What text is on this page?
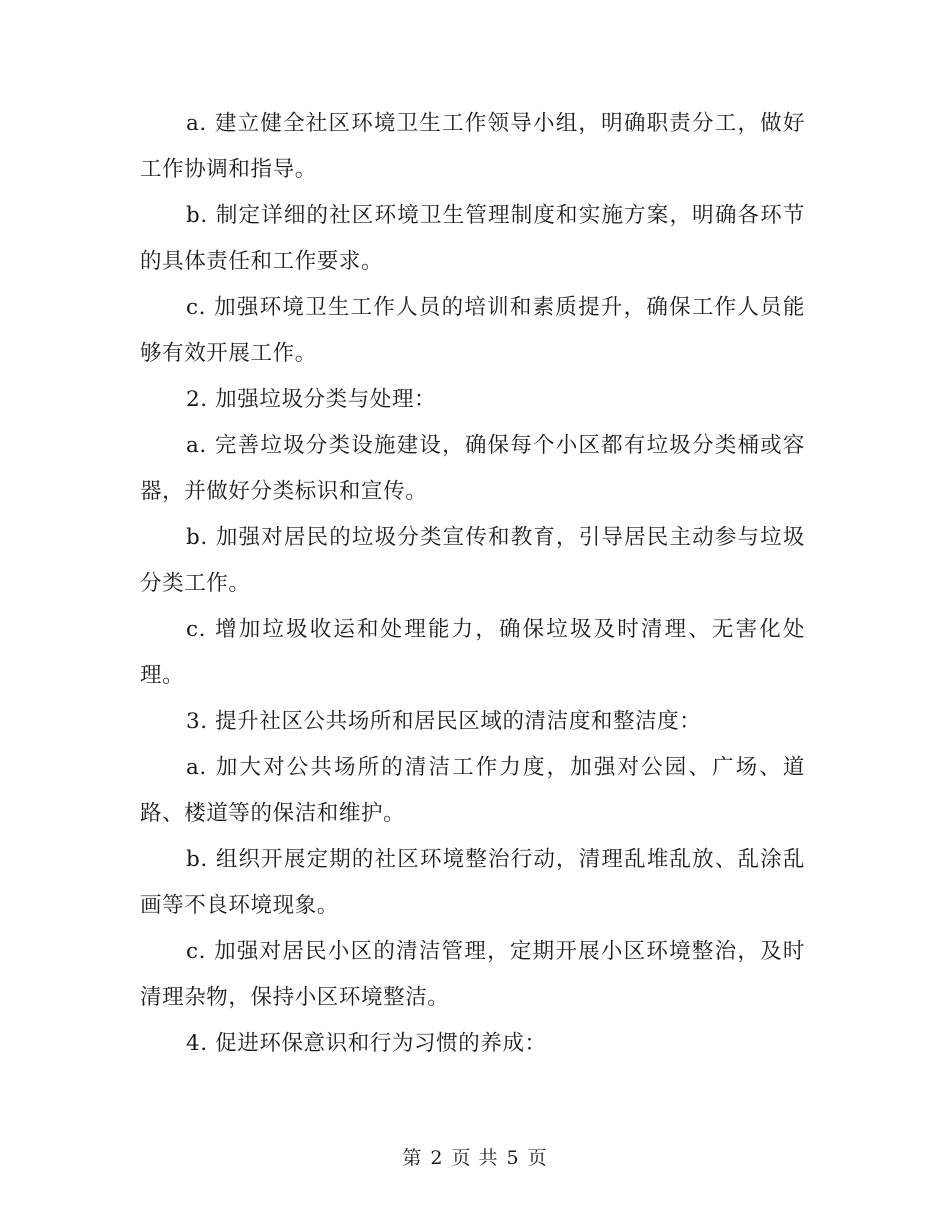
a. 建立健全社区环境卫生工作领导小组，明确职责分工，做好工作协调和指导。

b. 制定详细的社区环境卫生管理制度和实施方案，明确各环节的具体责任和工作要求。

c. 加强环境卫生工作人员的培训和素质提升，确保工作人员能够有效开展工作。

2. 加强垃圾分类与处理：

a. 完善垃圾分类设施建设，确保每个小区都有垃圾分类桶或容器，并做好分类标识和宣传。

b. 加强对居民的垃圾分类宣传和教育，引导居民主动参与垃圾分类工作。

c. 增加垃圾收运和处理能力，确保垃圾及时清理、无害化处理。

3. 提升社区公共场所和居民区域的清洁度和整洁度：

a. 加大对公共场所的清洁工作力度，加强对公园、广场、道路、楼道等的保洁和维护。

b. 组织开展定期的社区环境整治行动，清理乱堆乱放、乱涂乱画等不良环境现象。

c. 加强对居民小区的清洁管理，定期开展小区环境整治，及时清理杂物，保持小区环境整洁。

4. 促进环保意识和行为习惯的养成：

第 2 页 共 5 页
